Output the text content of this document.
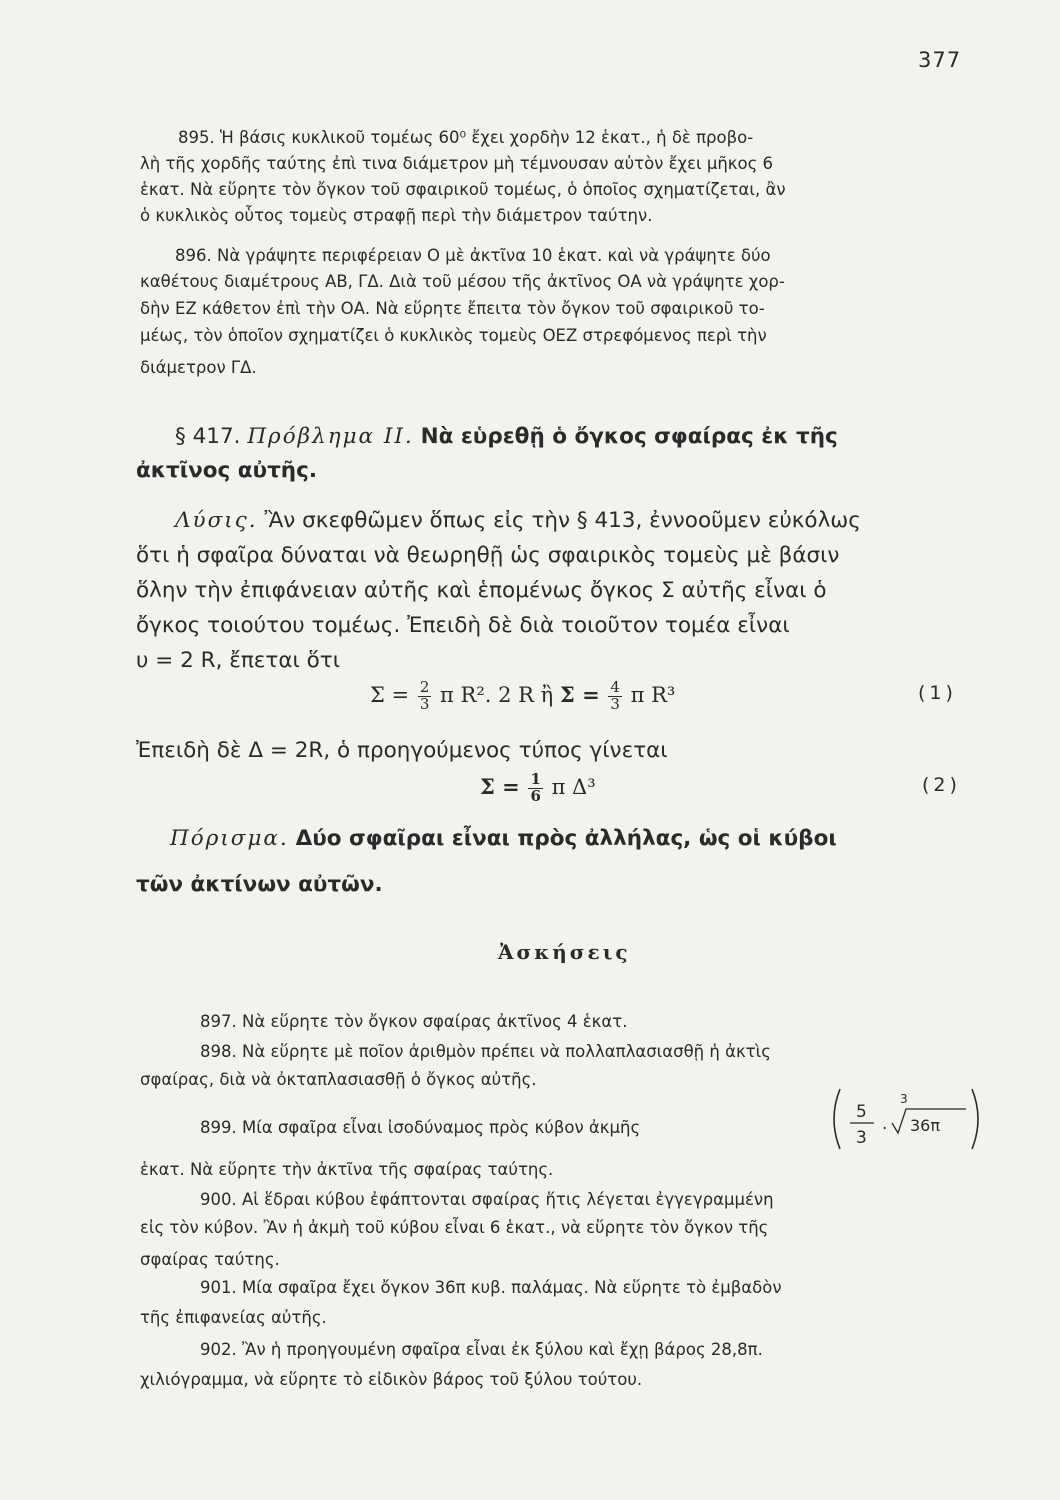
377
895. Ἡ βάσις κυκλικοῦ τομέως 60⁰ ἔχει χορδὴν 12 ἑκατ., ἡ δὲ προβο-
λὴ τῆς χορδῆς ταύτης ἐπὶ τινα διάμετρον μὴ τέμνουσαν αὐτὸν ἔχει μῆκος 6
ἑκατ. Νὰ εὕρητε τὸν ὄγκον τοῦ σφαιρικοῦ τομέως, ὁ ὁποῖος σχηματίζεται, ἂν
ὁ κυκλικὸς οὗτος τομεὺς στραφῇ περὶ τὴν διάμετρον ταύτην.
896. Νὰ γράψητε περιφέρειαν Ο μὲ ἀκτῖνα 10 ἑκατ. καὶ νὰ γράψητε δύο
καθέτους διαμέτρους ΑΒ, ΓΔ. Διὰ τοῦ μέσου τῆς ἀκτῖνος ΟΑ νὰ γράψητε χορ-
δὴν ΕΖ κάθετον ἐπὶ τὴν ΟΑ. Νὰ εὕρητε ἔπειτα τὸν ὄγκον τοῦ σφαιρικοῦ το-
μέως, τὸν ὁποῖον σχηματίζει ὁ κυκλικὸς τομεὺς ΟΕΖ στρεφόμενος περὶ τὴν
διάμετρον ΓΔ.
§ 417. Πρόβλημα ΙΙ. Νὰ εὑρεθῇ ὁ ὄγκος σφαίρας ἐκ τῆς
ἀκτῖνος αὐτῆς.
Λύσις. Ἂν σκεφθῶμεν ὅπως εἰς τὴν § 413, ἐννοοῦμεν εὐκόλως
ὅτι ἡ σφαῖρα δύναται νὰ θεωρηθῇ ὡς σφαιρικὸς τομεὺς μὲ βάσιν
ὅλην τὴν ἐπιφάνειαν αὐτῆς καὶ ἑπομένως ὄγκος Σ αὐτῆς εἶναι ὁ
ὄγκος τοιούτου τομέως. Ἐπειδὴ δὲ διὰ τοιοῦτον τομέα εἶναι
υ = 2 R, ἔπεται ὅτι
$\Sigma = \frac{2}{3}$ π R². 2 R ἢ $\Sigma = \frac{4}{3}$ π R³	(1)
Ἐπειδὴ δὲ Δ = 2R, ὁ προηγούμενος τύπος γίνεται
$\Sigma = \frac{1}{6}$ π Δ³	(2)
Πόρισμα. Δύο σφαῖραι εἶναι πρὸς ἀλλήλας, ὡς οἱ κύβοι
τῶν ἀκτίνων αὐτῶν.
Ἀσκήσεις
897. Νὰ εὕρητε τὸν ὄγκον σφαίρας ἀκτῖνος 4 ἑκατ.
898. Νὰ εὕρητε μὲ ποῖον ἀριθμὸν πρέπει νὰ πολλαπλασιασθῇ ἡ ἀκτὶς
σφαίρας, διὰ νὰ ὀκταπλασιασθῇ ὁ ὄγκος αὐτῆς.
899. Μία σφαῖρα εἶναι ἰσοδύναμος πρὸς κύβον ἀκμῆς
5
3
.
3
36π
ἑκατ. Νὰ εὕρητε τὴν ἀκτῖνα τῆς σφαίρας ταύτης.
900. Αἱ ἕδραι κύβου ἐφάπτονται σφαίρας ἥτις λέγεται ἐγγεγραμμένη
εἰς τὸν κύβον. Ἂν ἡ ἀκμὴ τοῦ κύβου εἶναι 6 ἑκατ., νὰ εὕρητε τὸν ὄγκον τῆς
σφαίρας ταύτης.
901. Μία σφαῖρα ἔχει ὄγκον 36π κυβ. παλάμας. Νὰ εὕρητε τὸ ἐμβαδὸν
τῆς ἐπιφανείας αὐτῆς.
902. Ἂν ἡ προηγουμένη σφαῖρα εἶναι ἐκ ξύλου καὶ ἔχῃ βάρος 28,8π.
χιλιόγραμμα, νὰ εὕρητε τὸ εἰδικὸν βάρος τοῦ ξύλου τούτου.
